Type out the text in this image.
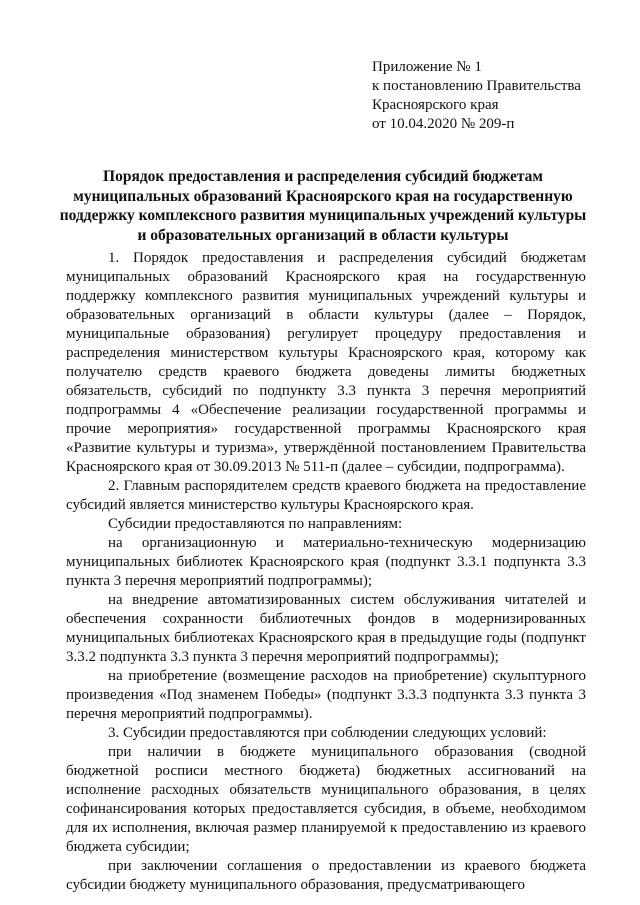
Приложение № 1
к постановлению Правительства
Красноярского края
от 10.04.2020 № 209-п
Порядок предоставления и распределения субсидий бюджетам
муниципальных образований Красноярского края на государственную
поддержку комплексного развития муниципальных учреждений культуры
и образовательных организаций в области культуры

1. Порядок предоставления и распределения субсидий бюджетам муниципальных образований Красноярского края на государственную поддержку комплексного развития муниципальных учреждений культуры и образовательных организаций в области культуры (далее – Порядок, муниципальные образования) регулирует процедуру предоставления и распределения министерством культуры Красноярского края, которому как получателю средств краевого бюджета доведены лимиты бюджетных обязательств, субсидий по подпункту 3.3 пункта 3 перечня мероприятий подпрограммы 4 «Обеспечение реализации государственной программы и прочие мероприятия» государственной программы Красноярского края «Развитие культуры и туризма», утверждённой постановлением Правительства Красноярского края от 30.09.2013 № 511-п (далее – субсидии, подпрограмма).

2. Главным распорядителем средств краевого бюджета на предоставление субсидий является министерство культуры Красноярского края.

Субсидии предоставляются по направлениям:

на организационную и материально-техническую модернизацию муниципальных библиотек Красноярского края (подпункт 3.3.1 подпункта 3.3 пункта 3 перечня мероприятий подпрограммы);

на внедрение автоматизированных систем обслуживания читателей и обеспечения сохранности библиотечных фондов в модернизированных муниципальных библиотеках Красноярского края в предыдущие годы (подпункт 3.3.2 подпункта 3.3 пункта 3 перечня мероприятий подпрограммы);

на приобретение (возмещение расходов на приобретение) скульптурного произведения «Под знаменем Победы» (подпункт 3.3.3 подпункта 3.3 пункта 3 перечня мероприятий подпрограммы).

3. Субсидии предоставляются при соблюдении следующих условий:

при наличии в бюджете муниципального образования (сводной бюджетной росписи местного бюджета) бюджетных ассигнований на исполнение расходных обязательств муниципального образования, в целях софинансирования которых предоставляется субсидия, в объеме, необходимом для их исполнения, включая размер планируемой к предоставлению из краевого бюджета субсидии;

при заключении соглашения о предоставлении из краевого бюджета субсидии бюджету муниципального образования, предусматривающего
